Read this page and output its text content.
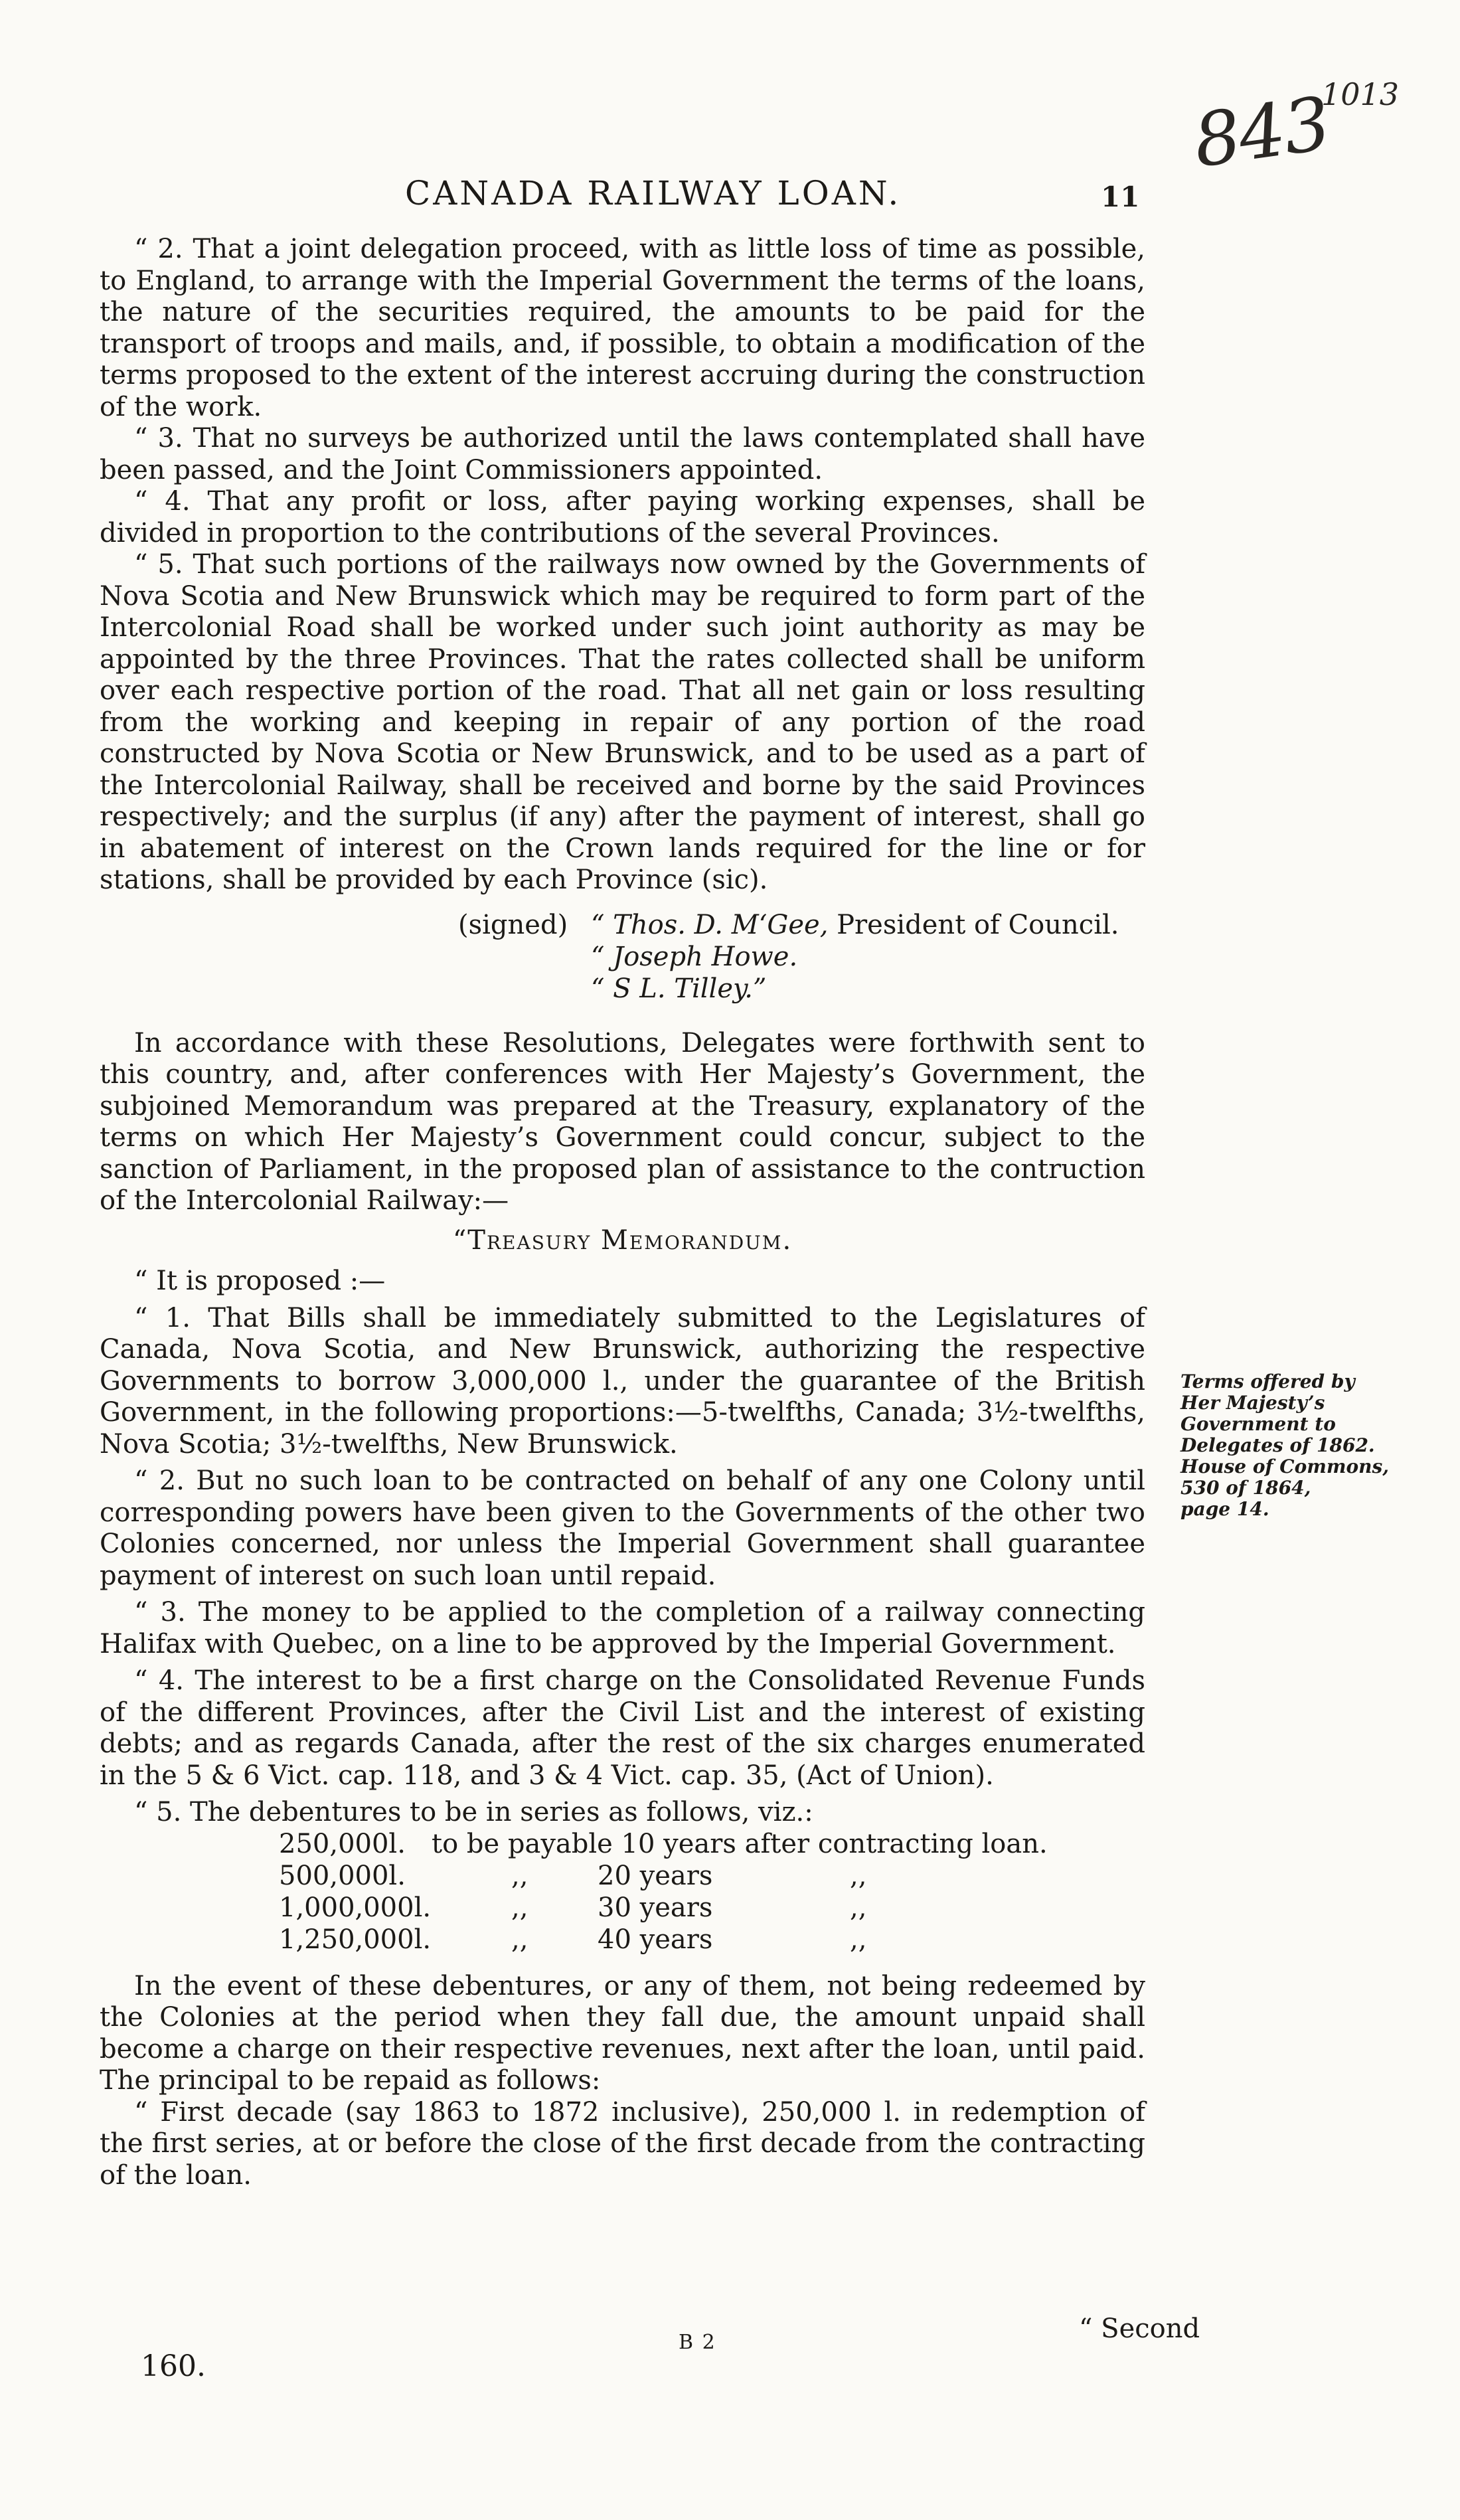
1013
843
CANADA RAILWAY LOAN.	11

“ 2. That a joint delegation proceed, with as little loss of time as possible, to England, to arrange with the Imperial Government the terms of the loans, the nature of the securities required, the amounts to be paid for the transport of troops and mails, and, if possible, to obtain a modification of the terms proposed to the extent of the interest accruing during the construction of the work.

“ 3. That no surveys be authorized until the laws contemplated shall have been passed, and the Joint Commissioners appointed.

“ 4. That any profit or loss, after paying working expenses, shall be divided in proportion to the contributions of the several Provinces.

“ 5. That such portions of the railways now owned by the Governments of Nova Scotia and New Brunswick which may be required to form part of the Intercolonial Road shall be worked under such joint authority as may be appointed by the three Provinces. That the rates collected shall be uniform over each respective portion of the road. That all net gain or loss resulting from the working and keeping in repair of any portion of the road constructed by Nova Scotia or New Brunswick, and to be used as a part of the Intercolonial Railway, shall be received and borne by the said Provinces respectively; and the surplus (if any) after the payment of interest, shall go in abatement of interest on the Crown lands required for the line or for stations, shall be provided by each Province (sic).

(signed) “ Thos. D. M‘Gee, President of Council.
“ Joseph Howe.
“ S L. Tilley.”

In accordance with these Resolutions, Delegates were forthwith sent to this country, and, after conferences with Her Majesty’s Government, the subjoined Memorandum was prepared at the Treasury, explanatory of the terms on which Her Majesty’s Government could concur, subject to the sanction of Parliament, in the proposed plan of assistance to the contruction of the Intercolonial Railway:—

“Treasury Memorandum.

“ It is proposed :—

“ 1. That Bills shall be immediately submitted to the Legislatures of Canada, Nova Scotia, and New Brunswick, authorizing the respective Governments to borrow 3,000,000 l., under the guarantee of the British Government, in the following proportions:—5-twelfths, Canada; 3½-twelfths, Nova Scotia; 3½-twelfths, New Brunswick.

“ 2. But no such loan to be contracted on behalf of any one Colony until corresponding powers have been given to the Governments of the other two Colonies concerned, nor unless the Imperial Government shall guarantee payment of interest on such loan until repaid.

“ 3. The money to be applied to the completion of a railway connecting Halifax with Quebec, on a line to be approved by the Imperial Government.

“ 4. The interest to be a first charge on the Consolidated Revenue Funds of the different Provinces, after the Civil List and the interest of existing debts; and as regards Canada, after the rest of the six charges enumerated in the 5 & 6 Vict. cap. 118, and 3 & 4 Vict. cap. 35, (Act of Union).

“ 5. The debentures to be in series as follows, viz.:

250,000l. to be payable 10 years after contracting loan.
500,000l.	,,	20 years	,,
1,000,000l.	,,	30 years	,,
1,250,000l.	,,	40 years	,,

In the event of these debentures, or any of them, not being redeemed by the Colonies at the period when they fall due, the amount unpaid shall become a charge on their respective revenues, next after the loan, until paid. The principal to be repaid as follows:

“ First decade (say 1863 to 1872 inclusive), 250,000 l. in redemption of the first series, at or before the close of the first decade from the contracting of the loan.

Terms offered by
Her Majesty’s
Government to
Delegates of 1862.
House of Commons,
530 of 1864,
page 14.
“ Second
160.
B 2
